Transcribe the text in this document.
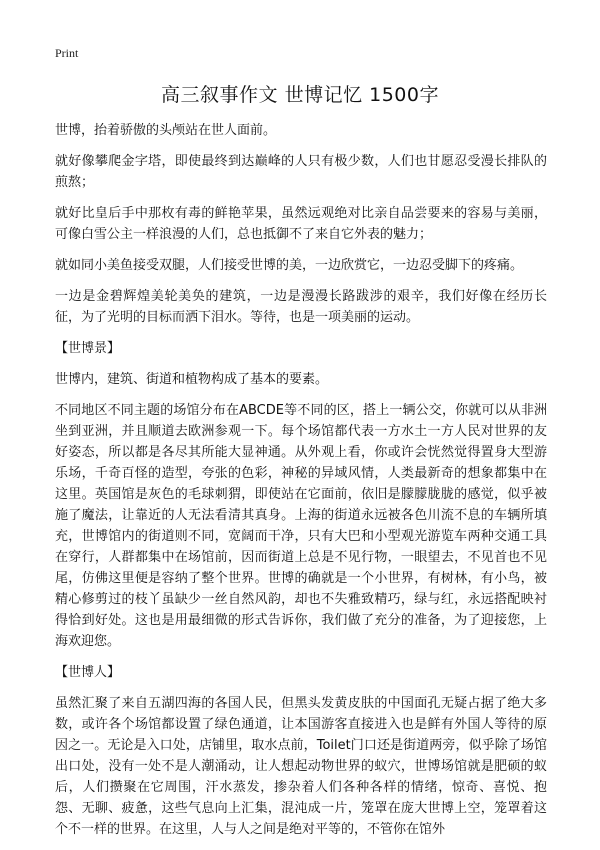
Print
高三叙事作文 世博记忆 1500字

世博，抬着骄傲的头颅站在世人面前。

就好像攀爬金字塔，即使最终到达巅峰的人只有极少数，人们也甘愿忍受漫长排队的煎熬；

就好比皇后手中那枚有毒的鲜艳苹果，虽然远观绝对比亲自品尝要来的容易与美丽，可像白雪公主一样浪漫的人们，总也抵御不了来自它外表的魅力；

就如同小美鱼接受双腿，人们接受世博的美，一边欣赏它，一边忍受脚下的疼痛。

一边是金碧辉煌美轮美奂的建筑，一边是漫漫长路跋涉的艰辛，我们好像在经历长征，为了光明的目标而洒下泪水。等待，也是一项美丽的运动。

【世博景】

世博内，建筑、街道和植物构成了基本的要素。

不同地区不同主题的场馆分布在ABCDE等不同的区，搭上一辆公交，你就可以从非洲坐到亚洲，并且顺道去欧洲参观一下。每个场馆都代表一方水土一方人民对世界的友好姿态，所以都是各尽其所能大显神通。从外观上看，你或许会恍然觉得置身大型游乐场，千奇百怪的造型，夸张的色彩，神秘的异域风情，人类最新奇的想象都集中在这里。英国馆是灰色的毛球刺猬，即使站在它面前，依旧是朦朦胧胧的感觉，似乎被施了魔法，让靠近的人无法看清其真身。上海的街道永远被各色川流不息的车辆所填充，世博馆内的街道则不同，宽阔而干净，只有大巴和小型观光游览车两种交通工具在穿行，人群都集中在场馆前，因而街道上总是不见行物，一眼望去，不见首也不见尾，仿佛这里便是容纳了整个世界。世博的确就是一个小世界，有树林，有小鸟，被精心修剪过的枝丫虽缺少一丝自然风韵，却也不失雅致精巧，绿与红，永远搭配映衬得恰到好处。这也是用最细微的形式告诉你，我们做了充分的准备，为了迎接您，上海欢迎您。

【世博人】

虽然汇聚了来自五湖四海的各国人民，但黑头发黄皮肤的中国面孔无疑占据了绝大多数，或许各个场馆都设置了绿色通道，让本国游客直接进入也是鲜有外国人等待的原因之一。无论是入口处，店铺里，取水点前，Toilet门口还是街道两旁，似乎除了场馆出口处，没有一处不是人潮涌动，让人想起动物世界的蚁穴，世博场馆就是肥硕的蚁后，人们攒聚在它周围，汗水蒸发，掺杂着人们各种各样的情绪，惊奇、喜悦、抱怨、无聊、疲惫，这些气息向上汇集，混沌成一片，笼罩在庞大世博上空，笼罩着这个不一样的世界。在这里，人与人之间是绝对平等的，不管你在馆外
